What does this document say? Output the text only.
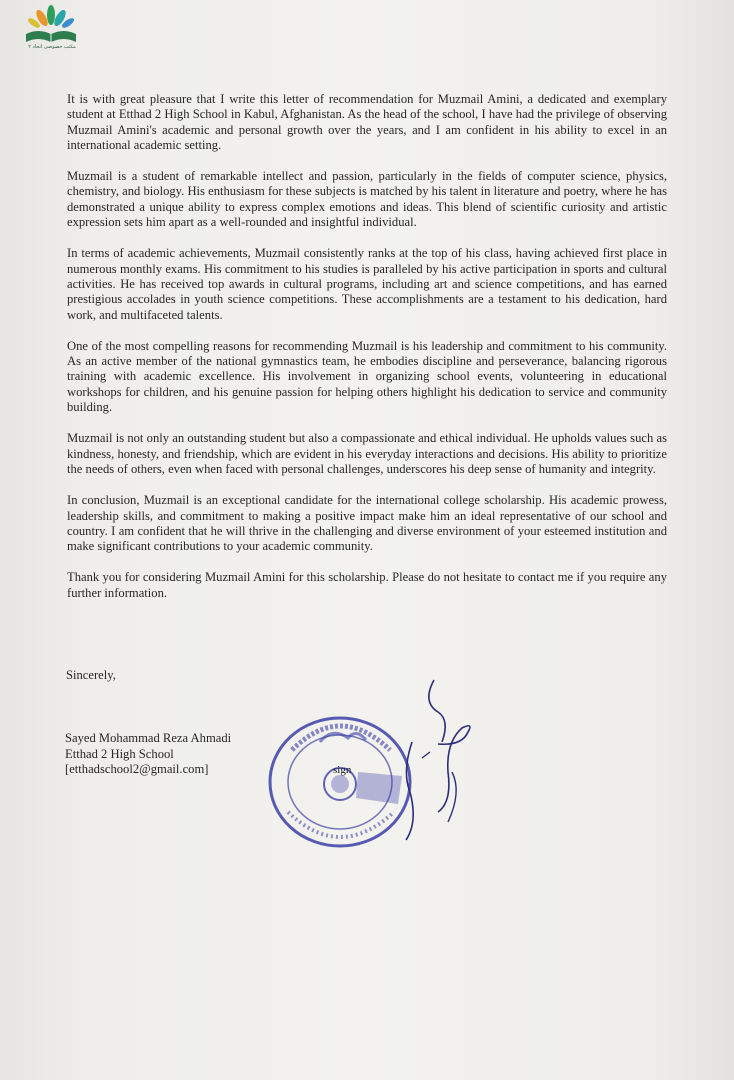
مکتب خصوصی اتحاد ۲

It is with great pleasure that I write this letter of recommendation for Muzmail Amini, a dedicated and exemplary student at Etthad 2 High School in Kabul, Afghanistan. As the head of the school, I have had the privilege of observing Muzmail Amini's academic and personal growth over the years, and I am confident in his ability to excel in an international academic setting.

Muzmail is a student of remarkable intellect and passion, particularly in the fields of computer science, physics, chemistry, and biology. His enthusiasm for these subjects is matched by his talent in literature and poetry, where he has demonstrated a unique ability to express complex emotions and ideas. This blend of scientific curiosity and artistic expression sets him apart as a well-rounded and insightful individual.

In terms of academic achievements, Muzmail consistently ranks at the top of his class, having achieved first place in numerous monthly exams. His commitment to his studies is paralleled by his active participation in sports and cultural activities. He has received top awards in cultural programs, including art and science competitions, and has earned prestigious accolades in youth science competitions. These accomplishments are a testament to his dedication, hard work, and multifaceted talents.

One of the most compelling reasons for recommending Muzmail is his leadership and commitment to his community. As an active member of the national gymnastics team, he embodies discipline and perseverance, balancing rigorous training with academic excellence. His involvement in organizing school events, volunteering in educational workshops for children, and his genuine passion for helping others highlight his dedication to service and community building.

Muzmail is not only an outstanding student but also a compassionate and ethical individual. He upholds values such as kindness, honesty, and friendship, which are evident in his everyday interactions and decisions. His ability to prioritize the needs of others, even when faced with personal challenges, underscores his deep sense of humanity and integrity.

In conclusion, Muzmail is an exceptional candidate for the international college scholarship. His academic prowess, leadership skills, and commitment to making a positive impact make him an ideal representative of our school and country. I am confident that he will thrive in the challenging and diverse environment of your esteemed institution and make significant contributions to your academic community.

Thank you for considering Muzmail Amini for this scholarship. Please do not hesitate to contact me if you require any further information.

Sincerely,
Sayed Mohammad Reza Ahmadi
Etthad 2 High School
[etthadschool2@gmail.com]	sign
